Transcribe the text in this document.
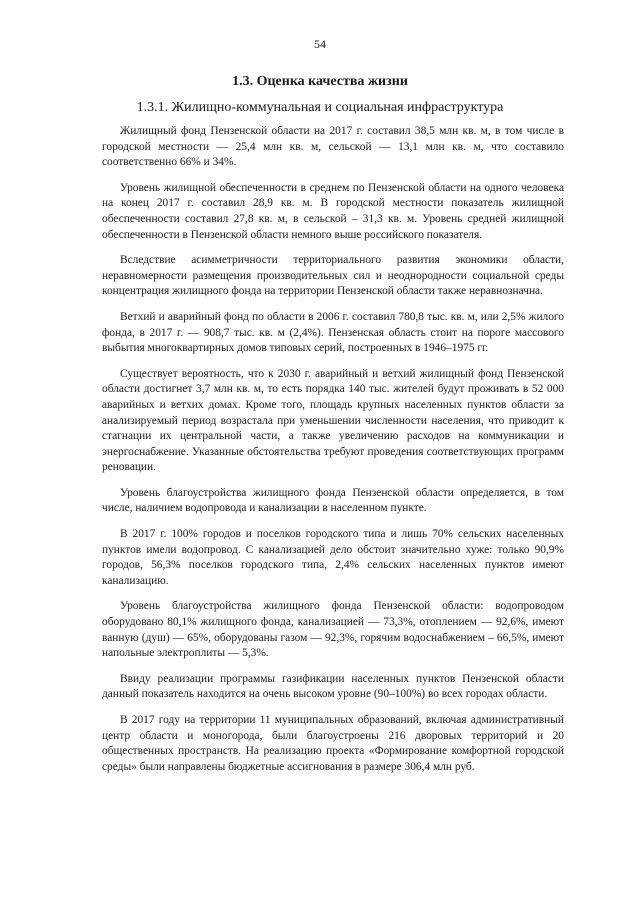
54
1.3. Оценка качества жизни
1.3.1. Жилищно-коммунальная и социальная инфраструктура

Жилищный фонд Пензенской области на 2017 г. составил 38,5 млн кв. м, в том числе в городской местности — 25,4 млн кв. м, сельской — 13,1 млн кв. м, что составило соответственно 66% и 34%.

Уровень жилищной обеспеченности в среднем по Пензенской области на одного человека на конец 2017 г. составил 28,9 кв. м. В городской местности показатель жилищной обеспеченности составил 27,8 кв. м, в сельской – 31,3 кв. м. Уровень средней жилищной обеспеченности в Пензенской области немного выше российского показателя.

Вследствие асимметричности территориального развития экономики области, неравномерности размещения производительных сил и неоднородности социальной среды концентрация жилищного фонда на территории Пензенской области также неравнозначна.

Ветхий и аварийный фонд по области в 2006 г. составил 780,8 тыс. кв. м, или 2,5% жилого фонда, в 2017 г. — 908,7 тыс. кв. м (2,4%). Пензенская область стоит на пороге массового выбытия многоквартирных домов типовых серий, построенных в 1946–1975 гг.

Существует вероятность, что к 2030 г. аварийный и ветхий жилищный фонд Пензенской области достигнет 3,7 млн кв. м, то есть порядка 140 тыс. жителей будут проживать в 52 000 аварийных и ветхих домах. Кроме того, площадь крупных населенных пунктов области за анализируемый период возрастала при уменьшении численности населения, что приводит к стагнации их центральной части, а также увеличению расходов на коммуникации и энергоснабжение. Указанные обстоятельства требуют проведения соответствующих программ реновации.

Уровень благоустройства жилищного фонда Пензенской области определяется, в том числе, наличием водопровода и канализации в населенном пункте.

В 2017 г. 100% городов и поселков городского типа и лишь 70% сельских населенных пунктов имели водопровод. С канализацией дело обстоит значительно хуже: только 90,9% городов, 56,3% поселков городского типа, 2,4% сельских населенных пунктов имеют канализацию.

Уровень благоустройства жилищного фонда Пензенской области: водопроводом оборудовано 80,1% жилищного фонда, канализацией — 73,3%, отоплением — 92,6%, имеют ванную (душ) — 65%, оборудованы газом — 92,3%, горячим водоснабжением – 66,5%, имеют напольные электроплиты — 5,3%.

Ввиду реализации программы газификации населенных пунктов Пензенской области данный показатель находится на очень высоком уровне (90–100%) во всех городах области.

В 2017 году на территории 11 муниципальных образований, включая административный центр области и моногорода, были благоустроены 216 дворовых территорий и 20 общественных пространств. На реализацию проекта «Формирование комфортной городской среды» были направлены бюджетные ассигнования в размере 306,4 млн руб.
